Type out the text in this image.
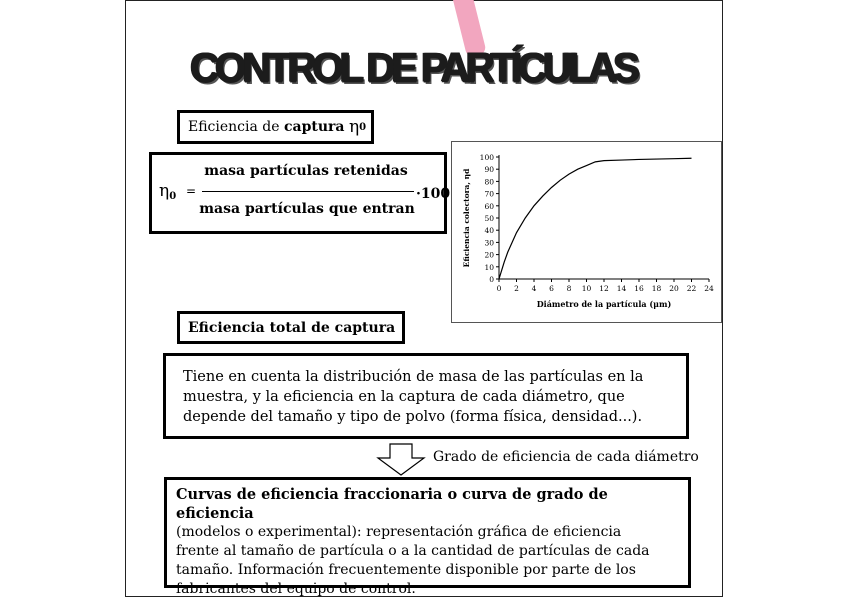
CONTROL DE PARTÍCULAS
Eficiencia de
captura
η 0
η0 =
masa partículas retenidas
masa partículas que entran
·100
0
10
20
30
40
50
60
70
80
90
100
0 2 4 6 8 10 12 14 16 18 20 22 24
Diámetro de la partícula (μm)
Eficiencia colectora, ηd
Eficiencia total de captura
Tiene en cuenta la distribución de masa de las partículas en la
muestra, y la eficiencia en la captura de cada diámetro, que
depende del tamaño y tipo de polvo (forma física, densidad...).
Grado de eficiencia de cada diámetro
Curvas de eficiencia fraccionaria o curva de grado de eficiencia
(modelos o experimental): representación gráfica de eficiencia
frente al tamaño de partícula o a la cantidad de partículas de cada
tamaño. Información frecuentemente disponible por parte de los
fabricantes del equipo de control.
